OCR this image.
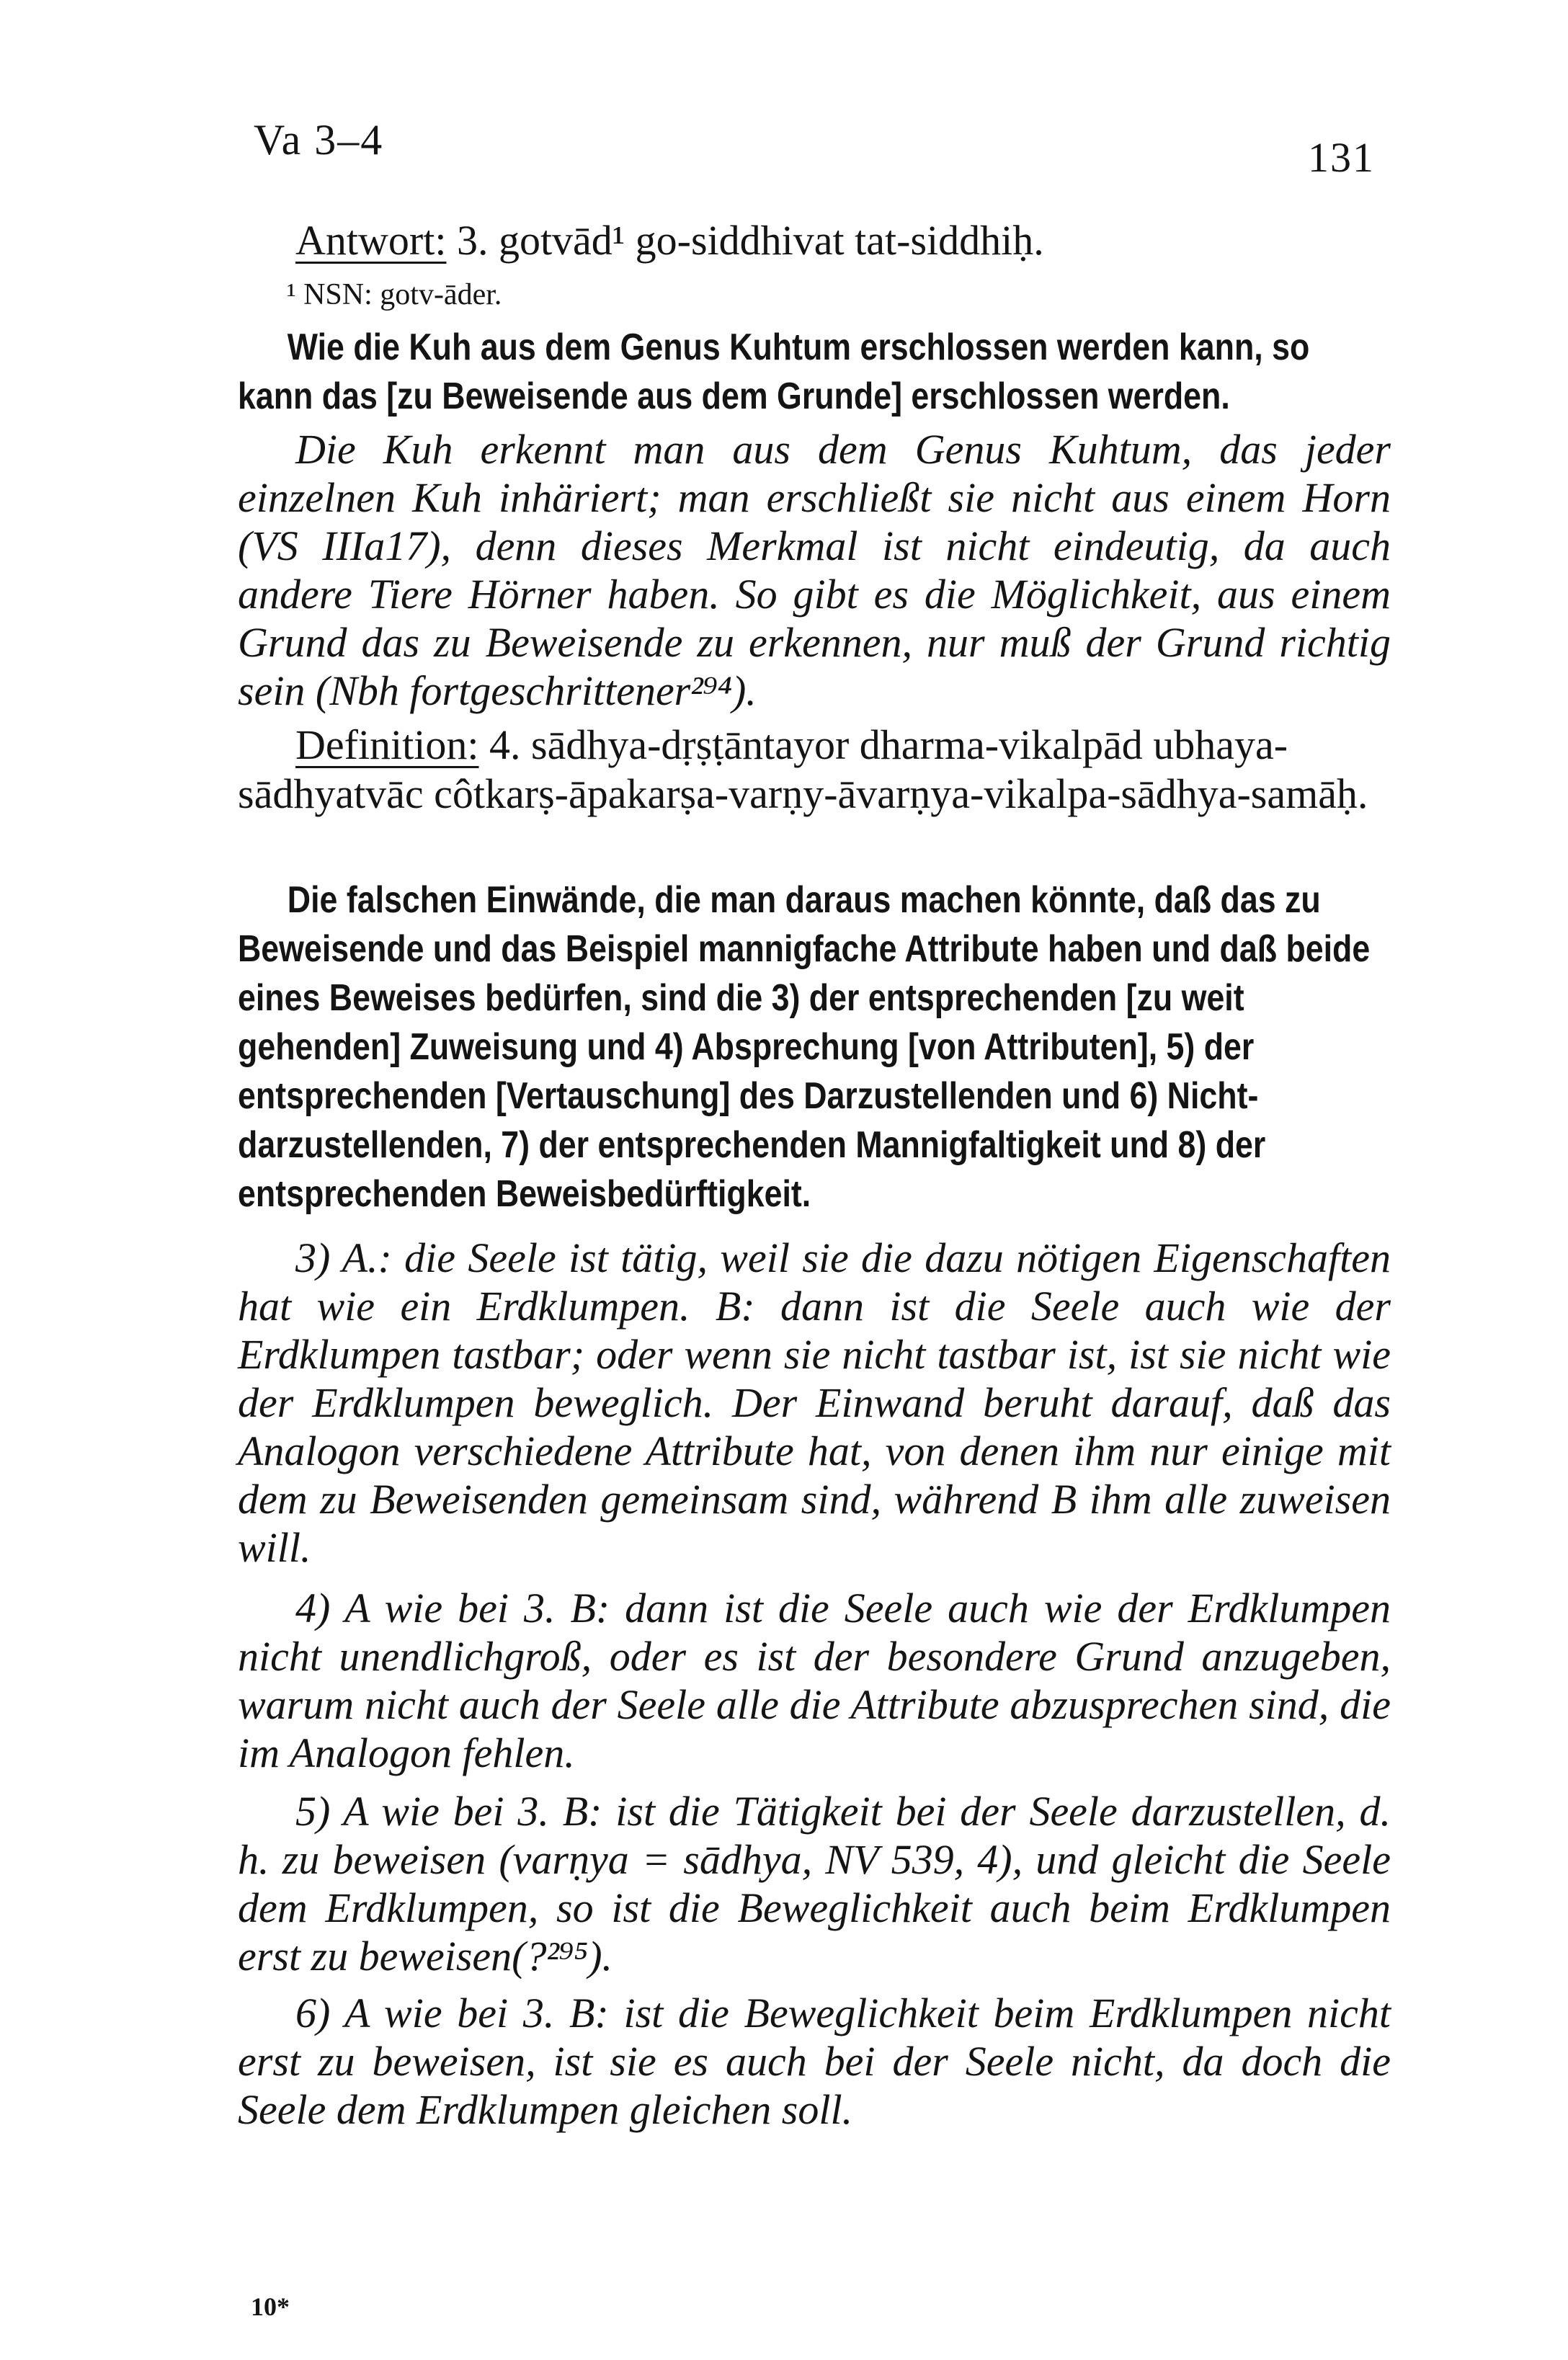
Va 3–4	131

Antwort: 3. gotvād¹ go-siddhivat tat-siddhiḥ.

¹ NSN: gotv-āder.

Wie die Kuh aus dem Genus Kuhtum erschlossen werden kann, so kann das [zu Beweisende aus dem Grunde] erschlossen werden.

Die Kuh erkennt man aus dem Genus Kuhtum, das jeder einzelnen Kuh inhäriert; man erschließt sie nicht aus einem Horn (VS IIIa17), denn dieses Merkmal ist nicht eindeutig, da auch andere Tiere Hörner haben. So gibt es die Möglichkeit, aus einem Grund das zu Beweisende zu erkennen, nur muß der Grund richtig sein (Nbh fortgeschrittener²⁹⁴).

Definition: 4. sādhya-dṛṣṭāntayor dharma-vikalpād ubhaya-sādhyatvāc côtkarṣ-āpakarṣa-varṇy-āvarṇya-vikalpa-sādhya-samāḥ.

Die falschen Einwände, die man daraus machen könnte, daß das zu Beweisende und das Beispiel mannigfache Attribute haben und daß beide eines Beweises bedürfen, sind die 3) der entsprechenden [zu weit gehenden] Zuweisung und 4) Absprechung [von Attributen], 5) der entsprechenden [Vertauschung] des Darzustellenden und 6) Nicht-darzustellenden, 7) der entsprechenden Mannigfaltigkeit und 8) der entsprechenden Beweisbedürftigkeit.

3) A.: die Seele ist tätig, weil sie die dazu nötigen Eigenschaften hat wie ein Erdklumpen. B: dann ist die Seele auch wie der Erdklumpen tastbar; oder wenn sie nicht tastbar ist, ist sie nicht wie der Erdklumpen beweglich. Der Einwand beruht darauf, daß das Analogon verschiedene Attribute hat, von denen ihm nur einige mit dem zu Beweisenden gemeinsam sind, während B ihm alle zuweisen will.

4) A wie bei 3. B: dann ist die Seele auch wie der Erdklumpen nicht unendlichgroß, oder es ist der besondere Grund anzugeben, warum nicht auch der Seele alle die Attribute abzusprechen sind, die im Analogon fehlen.

5) A wie bei 3. B: ist die Tätigkeit bei der Seele darzustellen, d. h. zu beweisen (varṇya = sādhya, NV 539, 4), und gleicht die Seele dem Erdklumpen, so ist die Beweglichkeit auch beim Erdklumpen erst zu beweisen(?²⁹⁵).

6) A wie bei 3. B: ist die Beweglichkeit beim Erdklumpen nicht erst zu beweisen, ist sie es auch bei der Seele nicht, da doch die Seele dem Erdklumpen gleichen soll.

10*
